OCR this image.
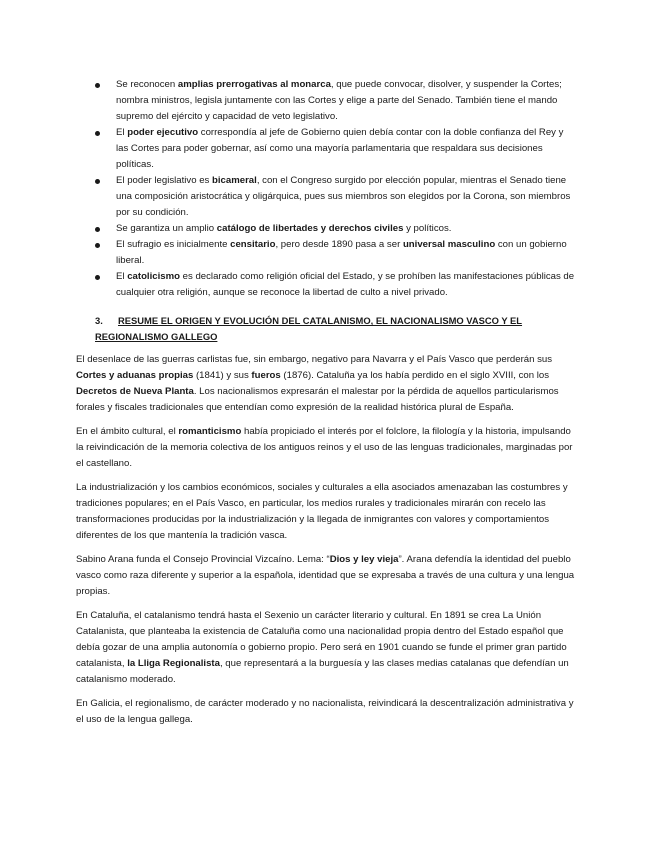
Se reconocen amplias prerrogativas al monarca, que puede convocar, disolver, y suspender la Cortes; nombra ministros, legisla juntamente con las Cortes y elige a parte del Senado. También tiene el mando supremo del ejército y capacidad de veto legislativo.
El poder ejecutivo correspondía al jefe de Gobierno quien debía contar con la doble confianza del Rey y las Cortes para poder gobernar, así como una mayoría parlamentaria que respaldara sus decisiones políticas.
El poder legislativo es bicameral, con el Congreso surgido por elección popular, mientras el Senado tiene una composición aristocrática y oligárquica, pues sus miembros son elegidos por la Corona, son miembros por su condición.
Se garantiza un amplio catálogo de libertades y derechos civiles y políticos.
El sufragio es inicialmente censitario, pero desde 1890 pasa a ser universal masculino con un gobierno liberal.
El catolicismo es declarado como religión oficial del Estado, y se prohíben las manifestaciones públicas de cualquier otra religión, aunque se reconoce la libertad de culto a nivel privado.
3. RESUME EL ORIGEN Y EVOLUCIÓN DEL CATALANISMO, EL NACIONALISMO VASCO Y EL REGIONALISMO GALLEGO

El desenlace de las guerras carlistas fue, sin embargo, negativo para Navarra y el País Vasco que perderán sus Cortes y aduanas propias (1841) y sus fueros (1876). Cataluña ya los había perdido en el siglo XVIII, con los Decretos de Nueva Planta. Los nacionalismos expresarán el malestar por la pérdida de aquellos particularismos forales y fiscales tradicionales que entendían como expresión de la realidad histórica plural de España.

En el ámbito cultural, el romanticismo había propiciado el interés por el folclore, la filología y la historia, impulsando la reivindicación de la memoria colectiva de los antiguos reinos y el uso de las lenguas tradicionales, marginadas por el castellano.

La industrialización y los cambios económicos, sociales y culturales a ella asociados amenazaban las costumbres y tradiciones populares; en el País Vasco, en particular, los medios rurales y tradicionales mirarán con recelo las transformaciones producidas por la industrialización y la llegada de inmigrantes con valores y comportamientos diferentes de los que mantenía la tradición vasca.

Sabino Arana funda el Consejo Provincial Vizcaíno. Lema: “Dios y ley vieja”. Arana defendía la identidad del pueblo vasco como raza diferente y superior a la española, identidad que se expresaba a través de una cultura y una lengua propias.

En Cataluña, el catalanismo tendrá hasta el Sexenio un carácter literario y cultural. En 1891 se crea La Unión Catalanista, que planteaba la existencia de Cataluña como una nacionalidad propia dentro del Estado español que debía gozar de una amplia autonomía o gobierno propio. Pero será en 1901 cuando se funde el primer gran partido catalanista, la Lliga Regionalista, que representará a la burguesía y las clases medias catalanas que defendían un catalanismo moderado.

En Galicia, el regionalismo, de carácter moderado y no nacionalista, reivindicará la descentralización administrativa y el uso de la lengua gallega.
